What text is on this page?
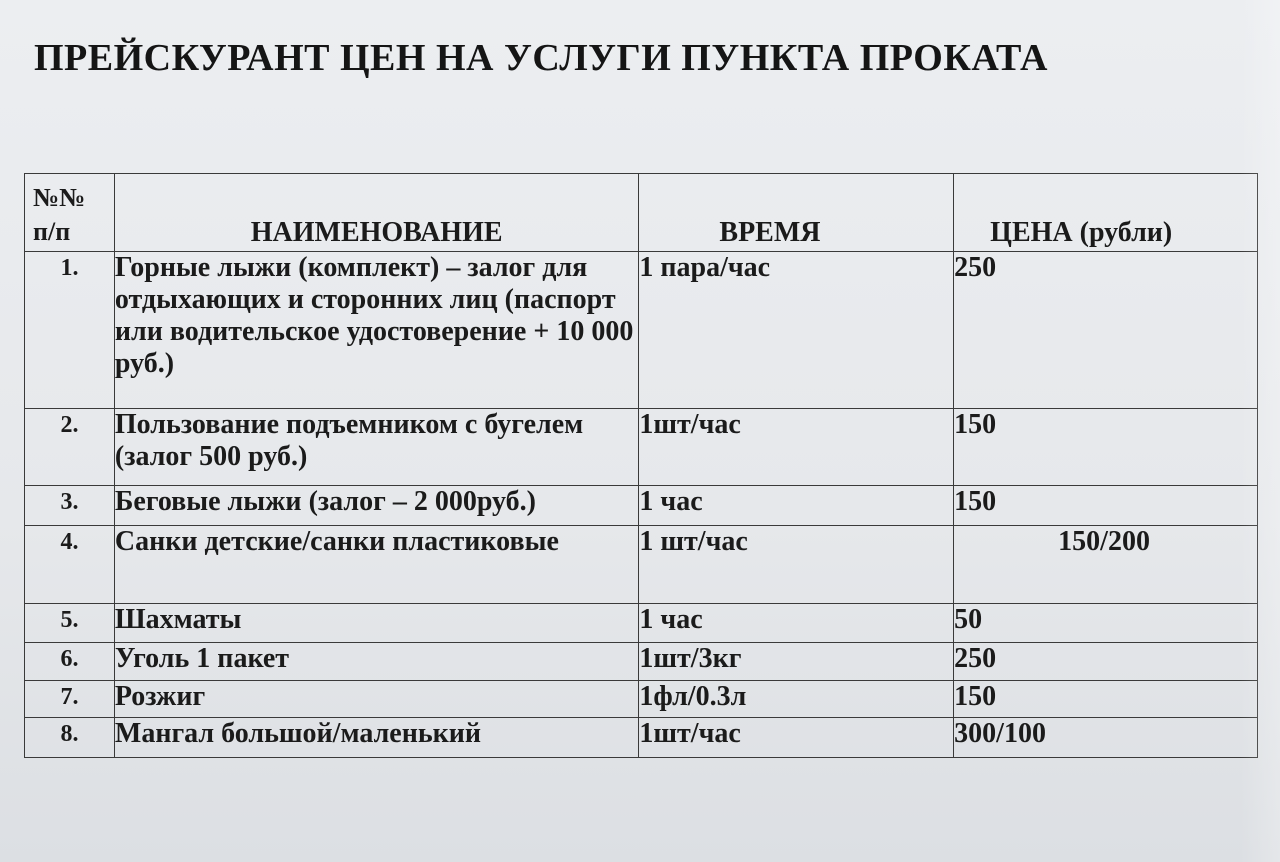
ПРЕЙСКУРАНТ ЦЕН НА УСЛУГИ ПУНКТА ПРОКАТА
№№
п/п	НАИМЕНОВАНИЕ	ВРЕМЯ	ЦЕНА (рубли)
1.	Горные лыжи (комплект) – залог для отдыхающих и сторонних лиц (паспорт или водительское удостоверение + 10 000 руб.)	1 пара/час	250
2.	Пользование подъемником с бугелем (залог 500 руб.)	1шт/час	150
3.	Беговые лыжи (залог – 2 000руб.)	1 час	150
4.	Санки детские/санки пластиковые	1 шт/час	150/200
5.	Шахматы	1 час	50
6.	Уголь 1 пакет	1шт/3кг	250
7.	Розжиг	1фл/0.3л	150
8.	Мангал большой/маленький	1шт/час	300/100
